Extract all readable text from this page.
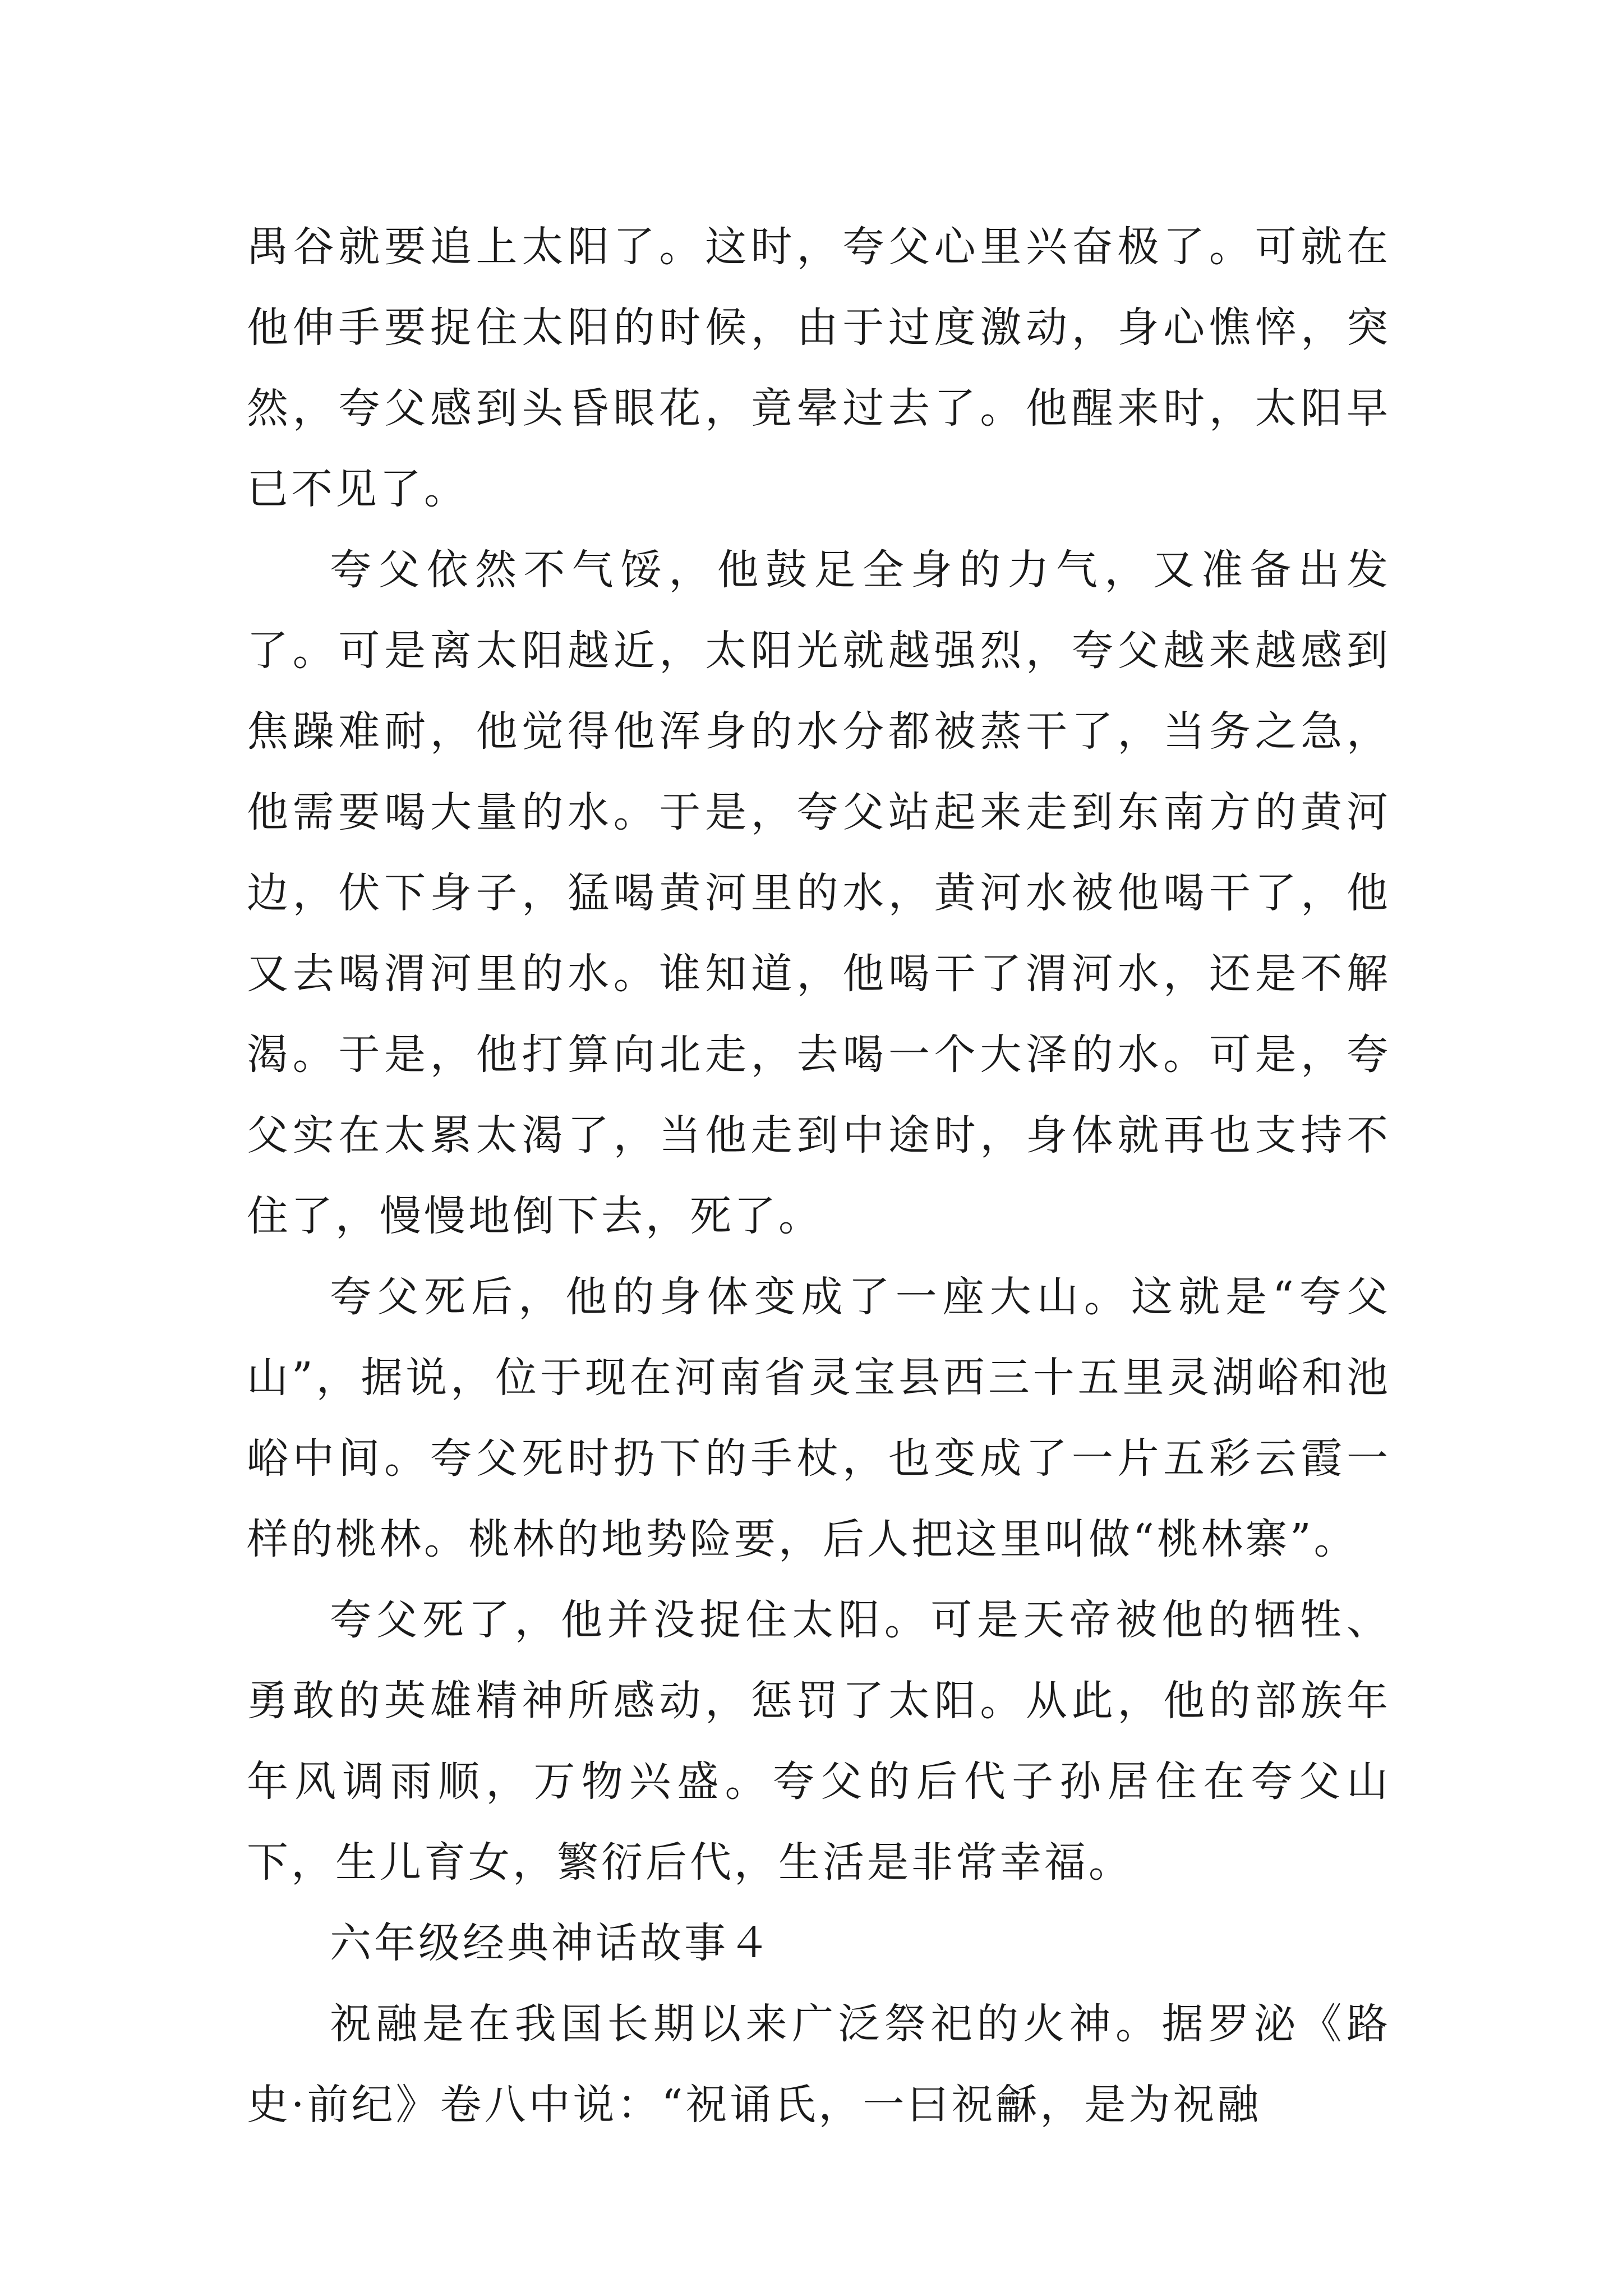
禺谷就要追上太阳了。这时，夸父心里兴奋极了。可就在他伸手要捉住太阳的时候，由于过度激动，身心憔悴，突然，夸父感到头昏眼花，竟晕过去了。他醒来时，太阳早已不见了。

夸父依然不气馁，他鼓足全身的力气，又准备出发了。可是离太阳越近，太阳光就越强烈，夸父越来越感到焦躁难耐，他觉得他浑身的水分都被蒸干了，当务之急，他需要喝大量的水。于是，夸父站起来走到东南方的黄河边，伏下身子，猛喝黄河里的水，黄河水被他喝干了，他又去喝渭河里的水。谁知道，他喝干了渭河水，还是不解渴。于是，他打算向北走，去喝一个大泽的水。可是，夸父实在太累太渴了，当他走到中途时，身体就再也支持不住了，慢慢地倒下去，死了。

夸父死后，他的身体变成了一座大山。这就是“夸父山”，据说，位于现在河南省灵宝县西三十五里灵湖峪和池峪中间。夸父死时扔下的手杖，也变成了一片五彩云霞一样的桃林。桃林的地势险要，后人把这里叫做“桃林寨”。

夸父死了，他并没捉住太阳。可是天帝被他的牺牲、勇敢的英雄精神所感动，惩罚了太阳。从此，他的部族年年风调雨顺，万物兴盛。夸父的后代子孙居住在夸父山下，生儿育女，繁衍后代，生活是非常幸福。

六年级经典神话故事４

祝融是在我国长期以来广泛祭祀的火神。据罗泌《路史·前纪》卷八中说：“祝诵氏，一曰祝龢，是为祝融
